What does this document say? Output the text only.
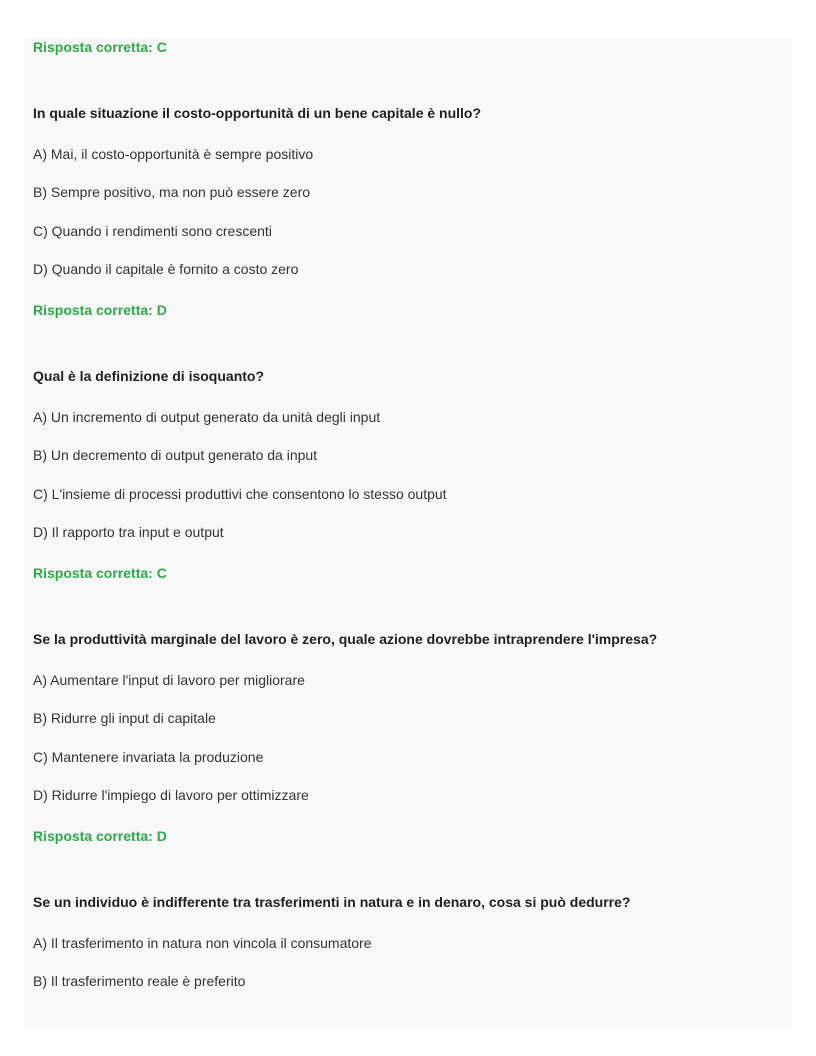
Risposta corretta: C
In quale situazione il costo-opportunità di un bene capitale è nullo?
A) Mai, il costo-opportunità è sempre positivo
B) Sempre positivo, ma non può essere zero
C) Quando i rendimenti sono crescenti
D) Quando il capitale è fornito a costo zero
Risposta corretta: D
Qual è la definizione di isoquanto?
A) Un incremento di output generato da unità degli input
B) Un decremento di output generato da input
C) L'insieme di processi produttivi che consentono lo stesso output
D) Il rapporto tra input e output
Risposta corretta: C
Se la produttività marginale del lavoro è zero, quale azione dovrebbe intraprendere l'impresa?
A) Aumentare l'input di lavoro per migliorare
B) Ridurre gli input di capitale
C) Mantenere invariata la produzione
D) Ridurre l'impiego di lavoro per ottimizzare
Risposta corretta: D
Se un individuo è indifferente tra trasferimenti in natura e in denaro, cosa si può dedurre?
A) Il trasferimento in natura non vincola il consumatore
B) Il trasferimento reale è preferito
